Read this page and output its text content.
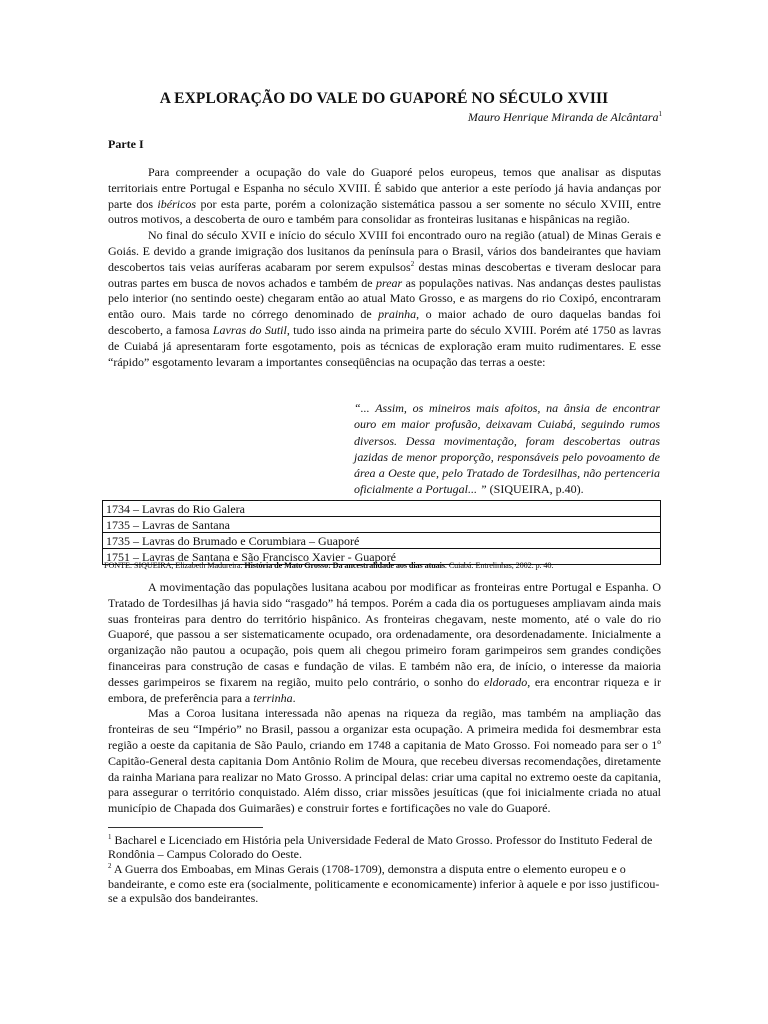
A EXPLORAÇÃO DO VALE DO GUAPORÉ NO SÉCULO XVIII
Mauro Henrique Miranda de Alcântara$^1$
Parte I

Para compreender a ocupação do vale do Guaporé pelos europeus, temos que analisar as disputas territoriais entre Portugal e Espanha no século XVIII. É sabido que anterior a este período já havia andanças por parte dos ibéricos por esta parte, porém a colonização sistemática passou a ser somente no século XVIII, entre outros motivos, a descoberta de ouro e também para consolidar as fronteiras lusitanas e hispânicas na região.

No final do século XVII e início do século XVIII foi encontrado ouro na região (atual) de Minas Gerais e Goiás. E devido a grande imigração dos lusitanos da península para o Brasil, vários dos bandeirantes que haviam descobertos tais veias auríferas acabaram por serem expulsos$^2$ destas minas descobertas e tiveram deslocar para outras partes em busca de novos achados e também de prear as populações nativas. Nas andanças destes paulistas pelo interior (no sentindo oeste) chegaram então ao atual Mato Grosso, e as margens do rio Coxipó, encontraram então ouro. Mais tarde no córrego denominado de prainha, o maior achado de ouro daquelas bandas foi descoberto, a famosa Lavras do Sutil, tudo isso ainda na primeira parte do século XVIII. Porém até 1750 as lavras de Cuiabá já apresentaram forte esgotamento, pois as técnicas de exploração eram muito rudimentares. E esse “rápido” esgotamento levaram a importantes conseqüências na ocupação das terras a oeste:

“... Assim, os mineiros mais afoitos, na ânsia de encontrar ouro em maior profusão, deixavam Cuiabá, seguindo rumos diversos. Dessa movimentação, foram descobertas outras jazidas de menor proporção, responsáveis pelo povoamento de área a Oeste que, pelo Tratado de Tordesilhas, não pertenceria oficialmente a Portugal... ” (SIQUEIRA, p.40).
1734 – Lavras do Rio Galera
1735 – Lavras de Santana
1735 – Lavras do Brumado e Corumbiara – Guaporé
1751 – Lavras de Santana e São Francisco Xavier - Guaporé
FONTE: SIQUEIRA, Elizabeth Madureira. História de Mato Grosso: Da ancestralidade aos dias atuais. Cuiabá: Entrelinhas, 2002. p. 40.

A movimentação das populações lusitana acabou por modificar as fronteiras entre Portugal e Espanha. O Tratado de Tordesilhas já havia sido “rasgado” há tempos. Porém a cada dia os portugueses ampliavam ainda mais suas fronteiras para dentro do território hispânico. As fronteiras chegavam, neste momento, até o vale do rio Guaporé, que passou a ser sistematicamente ocupado, ora ordenadamente, ora desordenadamente. Inicialmente a organização não pautou a ocupação, pois quem ali chegou primeiro foram garimpeiros sem grandes condições financeiras para construção de casas e fundação de vilas. E também não era, de início, o interesse da maioria desses garimpeiros se fixarem na região, muito pelo contrário, o sonho do eldorado, era encontrar riqueza e ir embora, de preferência para a terrinha.

Mas a Coroa lusitana interessada não apenas na riqueza da região, mas também na ampliação das fronteiras de seu “Império” no Brasil, passou a organizar esta ocupação. A primeira medida foi desmembrar esta região a oeste da capitania de São Paulo, criando em 1748 a capitania de Mato Grosso. Foi nomeado para ser o 1º Capitão-General desta capitania Dom Antônio Rolim de Moura, que recebeu diversas recomendações, diretamente da rainha Mariana para realizar no Mato Grosso. A principal delas: criar uma capital no extremo oeste da capitania, para assegurar o território conquistado. Além disso, criar missões jesuíticas (que foi inicialmente criada no atual município de Chapada dos Guimarães) e construir fortes e fortificações no vale do Guaporé.

$^1$ Bacharel e Licenciado em História pela Universidade Federal de Mato Grosso. Professor do Instituto Federal de Rondônia – Campus Colorado do Oeste.

$^2$ A Guerra dos Emboabas, em Minas Gerais (1708-1709), demonstra a disputa entre o elemento europeu e o bandeirante, e como este era (socialmente, politicamente e economicamente) inferior à aquele e por isso justificou-se a expulsão dos bandeirantes.
